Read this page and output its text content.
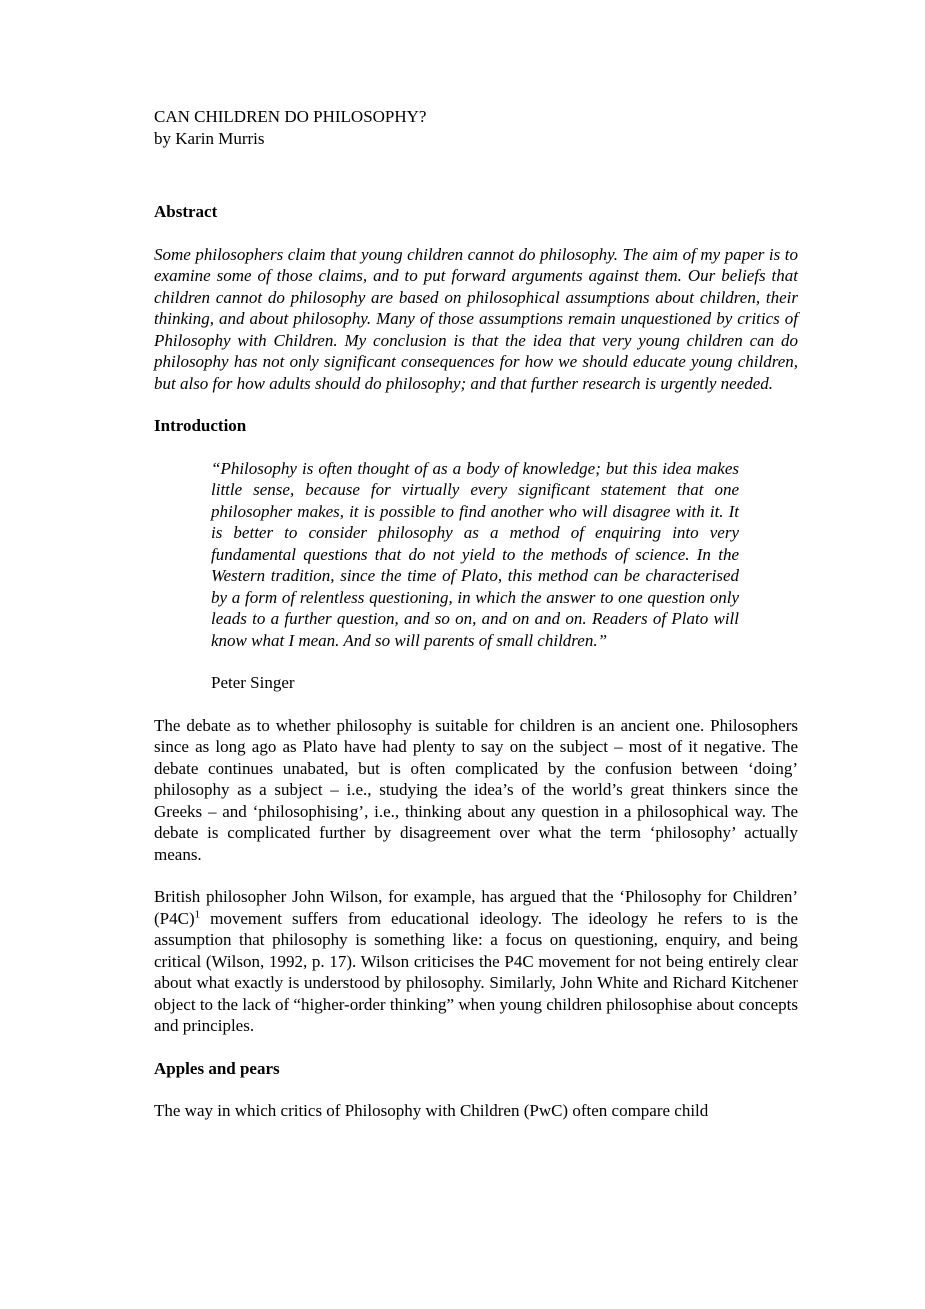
CAN CHILDREN DO PHILOSOPHY?
by Karin Murris
Abstract

Some philosophers claim that young children cannot do philosophy. The aim of my paper is to examine some of those claims, and to put forward arguments against them. Our beliefs that children cannot do philosophy are based on philosophical assumptions about children, their thinking, and about philosophy. Many of those assumptions remain unquestioned by critics of Philosophy with Children. My conclusion is that the idea that very young children can do philosophy has not only significant consequences for how we should educate young children, but also for how adults should do philosophy; and that further research is urgently needed.

Introduction
“Philosophy is often thought of as a body of knowledge; but this idea makes little sense, because for virtually every significant statement that one philosopher makes, it is possible to find another who will disagree with it. It is better to consider philosophy as a method of enquiring into very fundamental questions that do not yield to the methods of science. In the Western tradition, since the time of Plato, this method can be characterised by a form of relentless questioning, in which the answer to one question only leads to a further question, and so on, and on and on. Readers of Plato will know what I mean. And so will parents of small children.”

Peter Singer

The debate as to whether philosophy is suitable for children is an ancient one. Philosophers since as long ago as Plato have had plenty to say on the subject – most of it negative. The debate continues unabated, but is often complicated by the confusion between ‘doing’ philosophy as a subject – i.e., studying the idea’s of the world’s great thinkers since the Greeks – and ‘philosophising’, i.e., thinking about any question in a philosophical way. The debate is complicated further by disagreement over what the term ‘philosophy’ actually means.

British philosopher John Wilson, for example, has argued that the ‘Philosophy for Children’ (P4C)$^1$ movement suffers from educational ideology. The ideology he refers to is the assumption that philosophy is something like: a focus on questioning, enquiry, and being critical (Wilson, 1992, p. 17). Wilson criticises the P4C movement for not being entirely clear about what exactly is understood by philosophy. Similarly, John White and Richard Kitchener object to the lack of “higher-order thinking” when young children philosophise about concepts and principles.

Apples and pears

The way in which critics of Philosophy with Children (PwC) often compare child
